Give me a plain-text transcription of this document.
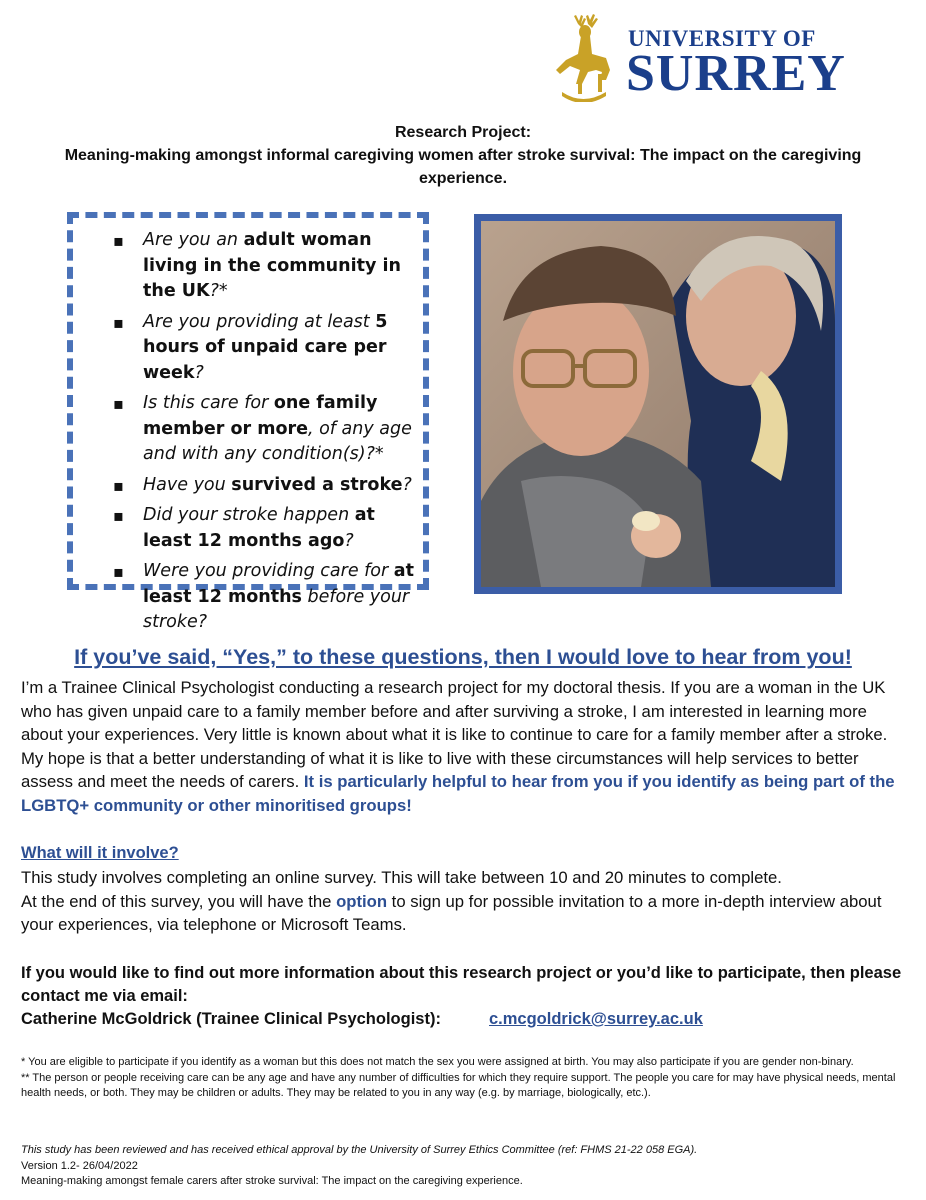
UNIVERSITY OF
SURREY
Research Project:
Meaning-making amongst informal caregiving women after stroke survival: The impact on the caregiving
experience.
▪ Are you an adult woman living in the community in the UK?*
▪ Are you providing at least 5 hours of unpaid care per week?
▪ Is this care for one family member or more, of any age and with any condition(s)?*
▪ Have you survived a stroke?
▪ Did your stroke happen at least 12 months ago?
▪ Were you providing care for at least 12 months before your stroke?
If you’ve said, “Yes,” to these questions, then I would love to hear from you!
I’m a Trainee Clinical Psychologist conducting a research project for my doctoral thesis. If you are a woman in the UK who has given unpaid care to a family member before and after surviving a stroke, I am interested in learning more about your experiences. Very little is known about what it is like to continue to care for a family member after a stroke. My hope is that a better understanding of what it is like to live with these circumstances will help services to better assess and meet the needs of carers. It is particularly helpful to hear from you if you identify as being part of the LGBTQ+ community or other minoritised groups!
What will it involve?
This study involves completing an online survey. This will take between 10 and 20 minutes to complete.
At the end of this survey, you will have the option to sign up for possible invitation to a more in-depth interview about your experiences, via telephone or Microsoft Teams.
If you would like to find out more information about this research project or you’d like to participate, then please contact me via email:
Catherine McGoldrick (Trainee Clinical Psychologist):	c.mcgoldrick@surrey.ac.uk

* You are eligible to participate if you identify as a woman but this does not match the sex you were assigned at birth. You may also participate if you are gender non-binary.

** The person or people receiving care can be any age and have any number of difficulties for which they require support. The people you care for may have physical needs, mental health needs, or both. They may be children or adults. They may be related to you in any way (e.g. by marriage, biologically, etc.).

This study has been reviewed and has received ethical approval by the University of Surrey Ethics Committee (ref: FHMS 21-22 058 EGA).
Version 1.2- 26/04/2022
Meaning-making amongst female carers after stroke survival: The impact on the caregiving experience.
